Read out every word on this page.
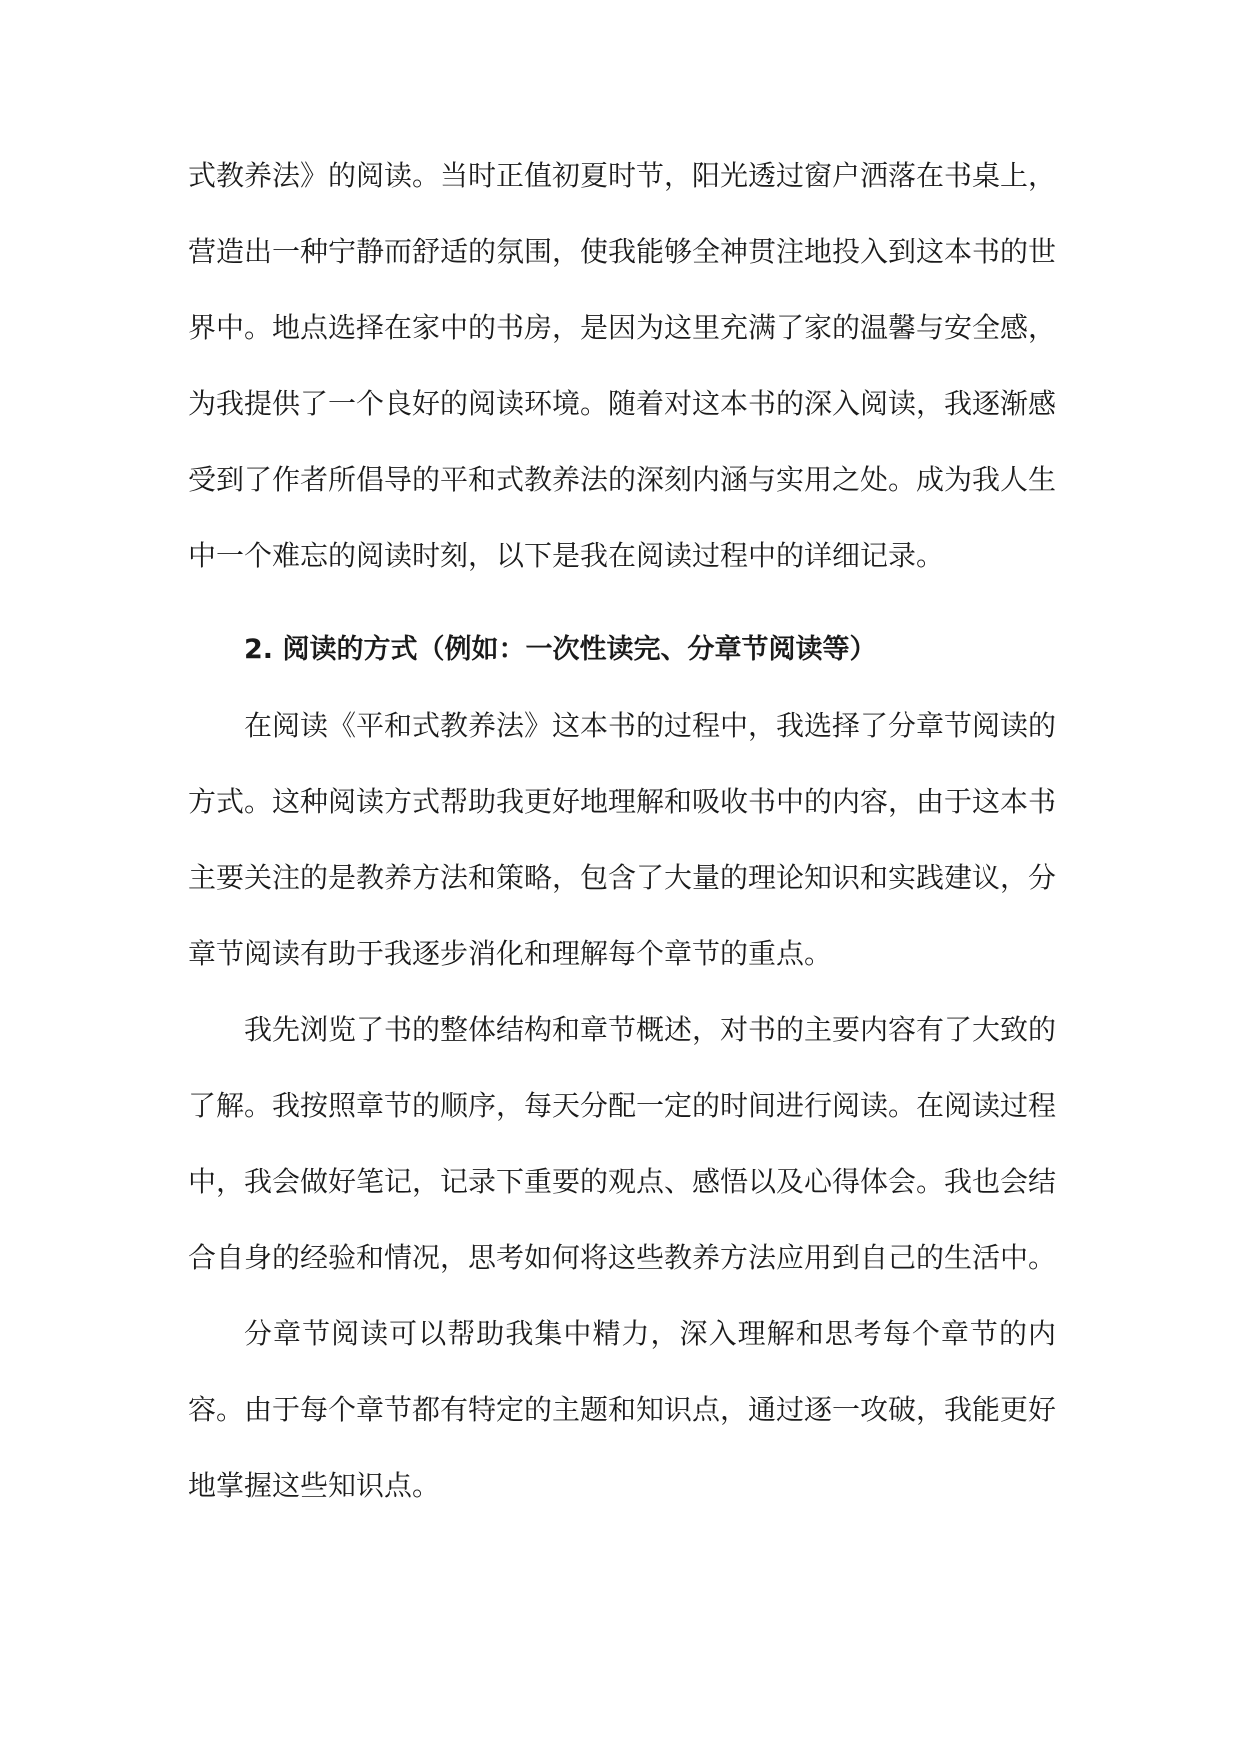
式教养法》的阅读。当时正值初夏时节，阳光透过窗户洒落在书桌上，营造出一种宁静而舒适的氛围，使我能够全神贯注地投入到这本书的世界中。地点选择在家中的书房，是因为这里充满了家的温馨与安全感，为我提供了一个良好的阅读环境。随着对这本书的深入阅读，我逐渐感受到了作者所倡导的平和式教养法的深刻内涵与实用之处。成为我人生中一个难忘的阅读时刻，以下是我在阅读过程中的详细记录。

2. 阅读的方式（例如：一次性读完、分章节阅读等）

在阅读《平和式教养法》这本书的过程中，我选择了分章节阅读的方式。这种阅读方式帮助我更好地理解和吸收书中的内容，由于这本书主要关注的是教养方法和策略，包含了大量的理论知识和实践建议，分章节阅读有助于我逐步消化和理解每个章节的重点。

我先浏览了书的整体结构和章节概述，对书的主要内容有了大致的了解。我按照章节的顺序，每天分配一定的时间进行阅读。在阅读过程中，我会做好笔记，记录下重要的观点、感悟以及心得体会。我也会结合自身的经验和情况，思考如何将这些教养方法应用到自己的生活中。

分章节阅读可以帮助我集中精力，深入理解和思考每个章节的内容。由于每个章节都有特定的主题和知识点，通过逐一攻破，我能更好地掌握这些知识点。
